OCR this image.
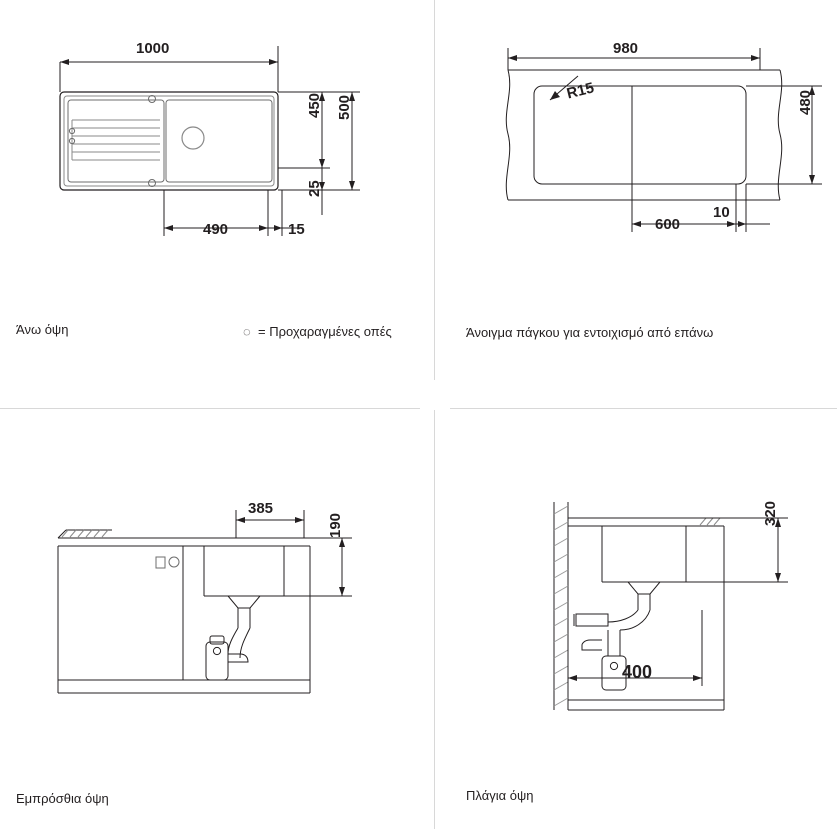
1000
500
450
25
490	15
Άνω όψη	◌ = Προχαραγμένες οπές
980
480
600
10
R15
Άνοιγμα πάγκου για εντοιχισμό από επάνω
385
190
Εμπρόσθια όψη
320
400
Πλάγια όψη
